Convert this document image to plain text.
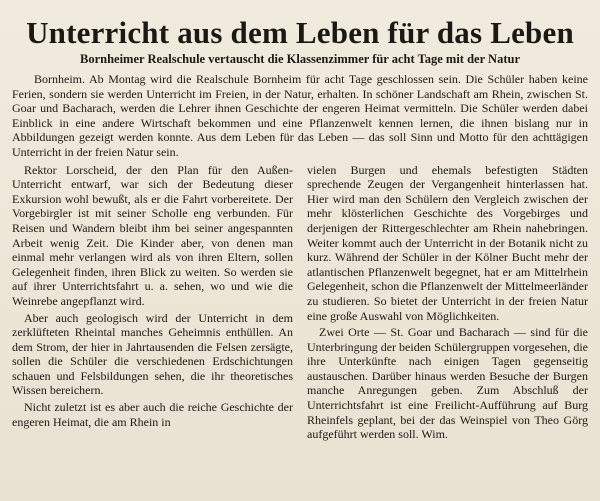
Unterricht aus dem Leben für das Leben
Bornheimer Realschule vertauscht die Klassenzimmer für acht Tage mit der Natur

Bornheim. Ab Montag wird die Realschule Bornheim für acht Tage geschlossen sein. Die Schüler haben keine Ferien, sondern sie werden Unterricht im Freien, in der Natur, erhalten. In schöner Landschaft am Rhein, zwischen St. Goar und Bacharach, werden die Lehrer ihnen Geschichte der engeren Heimat vermitteln. Die Schüler werden dabei Einblick in eine andere Wirtschaft bekommen und eine Pflanzenwelt kennen lernen, die ihnen bislang nur in Abbildungen gezeigt werden konnte. Aus dem Leben für das Leben — das soll Sinn und Motto für den achttägigen Unterricht in der freien Natur sein.

Rektor Lorscheid, der den Plan für den Außen-Unterricht entwarf, war sich der Bedeutung dieser Exkursion wohl bewußt, als er die Fahrt vorbereitete. Der Vorgebirgler ist mit seiner Scholle eng verbunden. Für Reisen und Wandern bleibt ihm bei seiner angespannten Arbeit wenig Zeit. Die Kinder aber, von denen man einmal mehr verlangen wird als von ihren Eltern, sollen Gelegenheit finden, ihren Blick zu weiten. So werden sie auf ihrer Unterrichtsfahrt u. a. sehen, wo und wie die Weinrebe angepflanzt wird.

Aber auch geologisch wird der Unterricht in dem zerklüfteten Rheintal manches Geheimnis enthüllen. An dem Strom, der hier in Jahrtausenden die Felsen zersägte, sollen die Schüler die verschiedenen Erdschichtungen schauen und Felsbildungen sehen, die ihr theoretisches Wissen bereichern.

Nicht zuletzt ist es aber auch die reiche Geschichte der engeren Heimat, die am Rhein in

vielen Burgen und ehemals befestigten Städten sprechende Zeugen der Vergangenheit hinterlassen hat. Hier wird man den Schülern den Vergleich zwischen der mehr klösterlichen Geschichte des Vorgebirges und derjenigen der Rittergeschlechter am Rhein nahebringen. Weiter kommt auch der Unterricht in der Botanik nicht zu kurz. Während der Schüler in der Kölner Bucht mehr der atlantischen Pflanzenwelt begegnet, hat er am Mittelrhein Gelegenheit, schon die Pflanzenwelt der Mittelmeerländer zu studieren. So bietet der Unterricht in der freien Natur eine große Auswahl von Möglichkeiten.

Zwei Orte — St. Goar und Bacharach — sind für die Unterbringung der beiden Schülergruppen vorgesehen, die ihre Unterkünfte nach einigen Tagen gegenseitig austauschen. Darüber hinaus werden Besuche der Burgen manche Anregungen geben. Zum Abschluß der Unterrichtsfahrt ist eine Freilicht-Aufführung auf Burg Rheinfels geplant, bei der das Weinspiel von Theo Görg aufgeführt werden soll. Wim.
